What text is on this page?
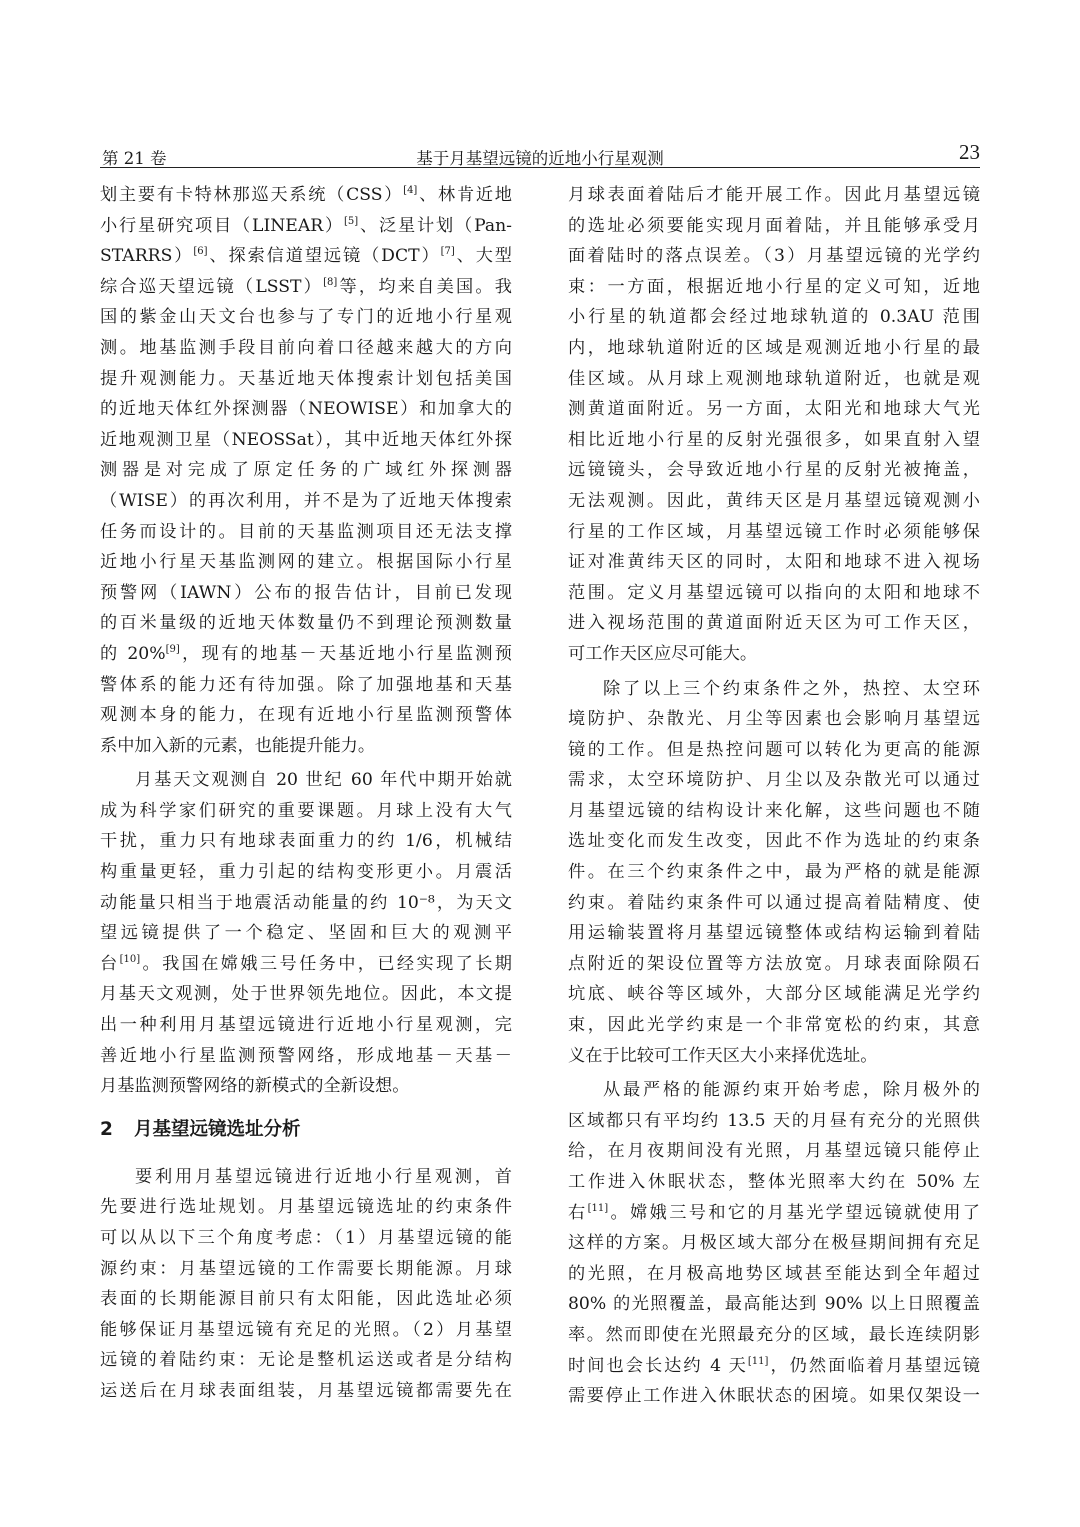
第 21 卷	基于月基望远镜的近地小行星观测	23
划主要有卡特林那巡天系统（CSS）[4]、林肯近地
小行星研究项目（LINEAR）[5]、泛星计划（Pan-
STARRS）[6]、探索信道望远镜（DCT）[7]、大型
综合巡天望远镜（LSST）[8]等，均来自美国。我
国的紫金山天文台也参与了专门的近地小行星观
测。地基监测手段目前向着口径越来越大的方向
提升观测能力。天基近地天体搜索计划包括美国
的近地天体红外探测器（NEOWISE）和加拿大的
近地观测卫星（NEOSSat），其中近地天体红外探
测器是对完成了原定任务的广域红外探测器
（WISE）的再次利用，并不是为了近地天体搜索
任务而设计的。目前的天基监测项目还无法支撑
近地小行星天基监测网的建立。根据国际小行星
预警网（IAWN）公布的报告估计，目前已发现
的百米量级的近地天体数量仍不到理论预测数量
的 20%[9]，现有的地基－天基近地小行星监测预
警体系的能力还有待加强。除了加强地基和天基
观测本身的能力，在现有近地小行星监测预警体
系中加入新的元素，也能提升能力。
月基天文观测自 20 世纪 60 年代中期开始就
成为科学家们研究的重要课题。月球上没有大气
干扰，重力只有地球表面重力的约 1/6，机械结
构重量更轻，重力引起的结构变形更小。月震活
动能量只相当于地震活动能量的约 10⁻⁸，为天文
望远镜提供了一个稳定、坚固和巨大的观测平
台[10]。我国在嫦娥三号任务中，已经实现了长期
月基天文观测，处于世界领先地位。因此，本文提
出一种利用月基望远镜进行近地小行星观测，完
善近地小行星监测预警网络，形成地基－天基－
月基监测预警网络的新模式的全新设想。
2 月基望远镜选址分析
要利用月基望远镜进行近地小行星观测，首
先要进行选址规划。月基望远镜选址的约束条件
可以从以下三个角度考虑：（1）月基望远镜的能
源约束：月基望远镜的工作需要长期能源。月球
表面的长期能源目前只有太阳能，因此选址必须
能够保证月基望远镜有充足的光照。（2）月基望
远镜的着陆约束：无论是整机运送或者是分结构
运送后在月球表面组装，月基望远镜都需要先在
月球表面着陆后才能开展工作。因此月基望远镜
的选址必须要能实现月面着陆，并且能够承受月
面着陆时的落点误差。（3）月基望远镜的光学约
束：一方面，根据近地小行星的定义可知，近地
小行星的轨道都会经过地球轨道的 0.3AU 范围
内，地球轨道附近的区域是观测近地小行星的最
佳区域。从月球上观测地球轨道附近，也就是观
测黄道面附近。另一方面，太阳光和地球大气光
相比近地小行星的反射光强很多，如果直射入望
远镜镜头，会导致近地小行星的反射光被掩盖，
无法观测。因此，黄纬天区是月基望远镜观测小
行星的工作区域，月基望远镜工作时必须能够保
证对准黄纬天区的同时，太阳和地球不进入视场
范围。定义月基望远镜可以指向的太阳和地球不
进入视场范围的黄道面附近天区为可工作天区，
可工作天区应尽可能大。
除了以上三个约束条件之外，热控、太空环
境防护、杂散光、月尘等因素也会影响月基望远
镜的工作。但是热控问题可以转化为更高的能源
需求，太空环境防护、月尘以及杂散光可以通过
月基望远镜的结构设计来化解，这些问题也不随
选址变化而发生改变，因此不作为选址的约束条
件。在三个约束条件之中，最为严格的就是能源
约束。着陆约束条件可以通过提高着陆精度、使
用运输装置将月基望远镜整体或结构运输到着陆
点附近的架设位置等方法放宽。月球表面除陨石
坑底、峡谷等区域外，大部分区域能满足光学约
束，因此光学约束是一个非常宽松的约束，其意
义在于比较可工作天区大小来择优选址。
从最严格的能源约束开始考虑，除月极外的
区域都只有平均约 13.5 天的月昼有充分的光照供
给，在月夜期间没有光照，月基望远镜只能停止
工作进入休眠状态，整体光照率大约在 50% 左
右[11]。嫦娥三号和它的月基光学望远镜就使用了
这样的方案。月极区域大部分在极昼期间拥有充足
的光照，在月极高地势区域甚至能达到全年超过
80% 的光照覆盖，最高能达到 90% 以上日照覆盖
率。然而即使在光照最充分的区域，最长连续阴影
时间也会长达约 4 天[11]，仍然面临着月基望远镜
需要停止工作进入休眠状态的困境。如果仅架设一
